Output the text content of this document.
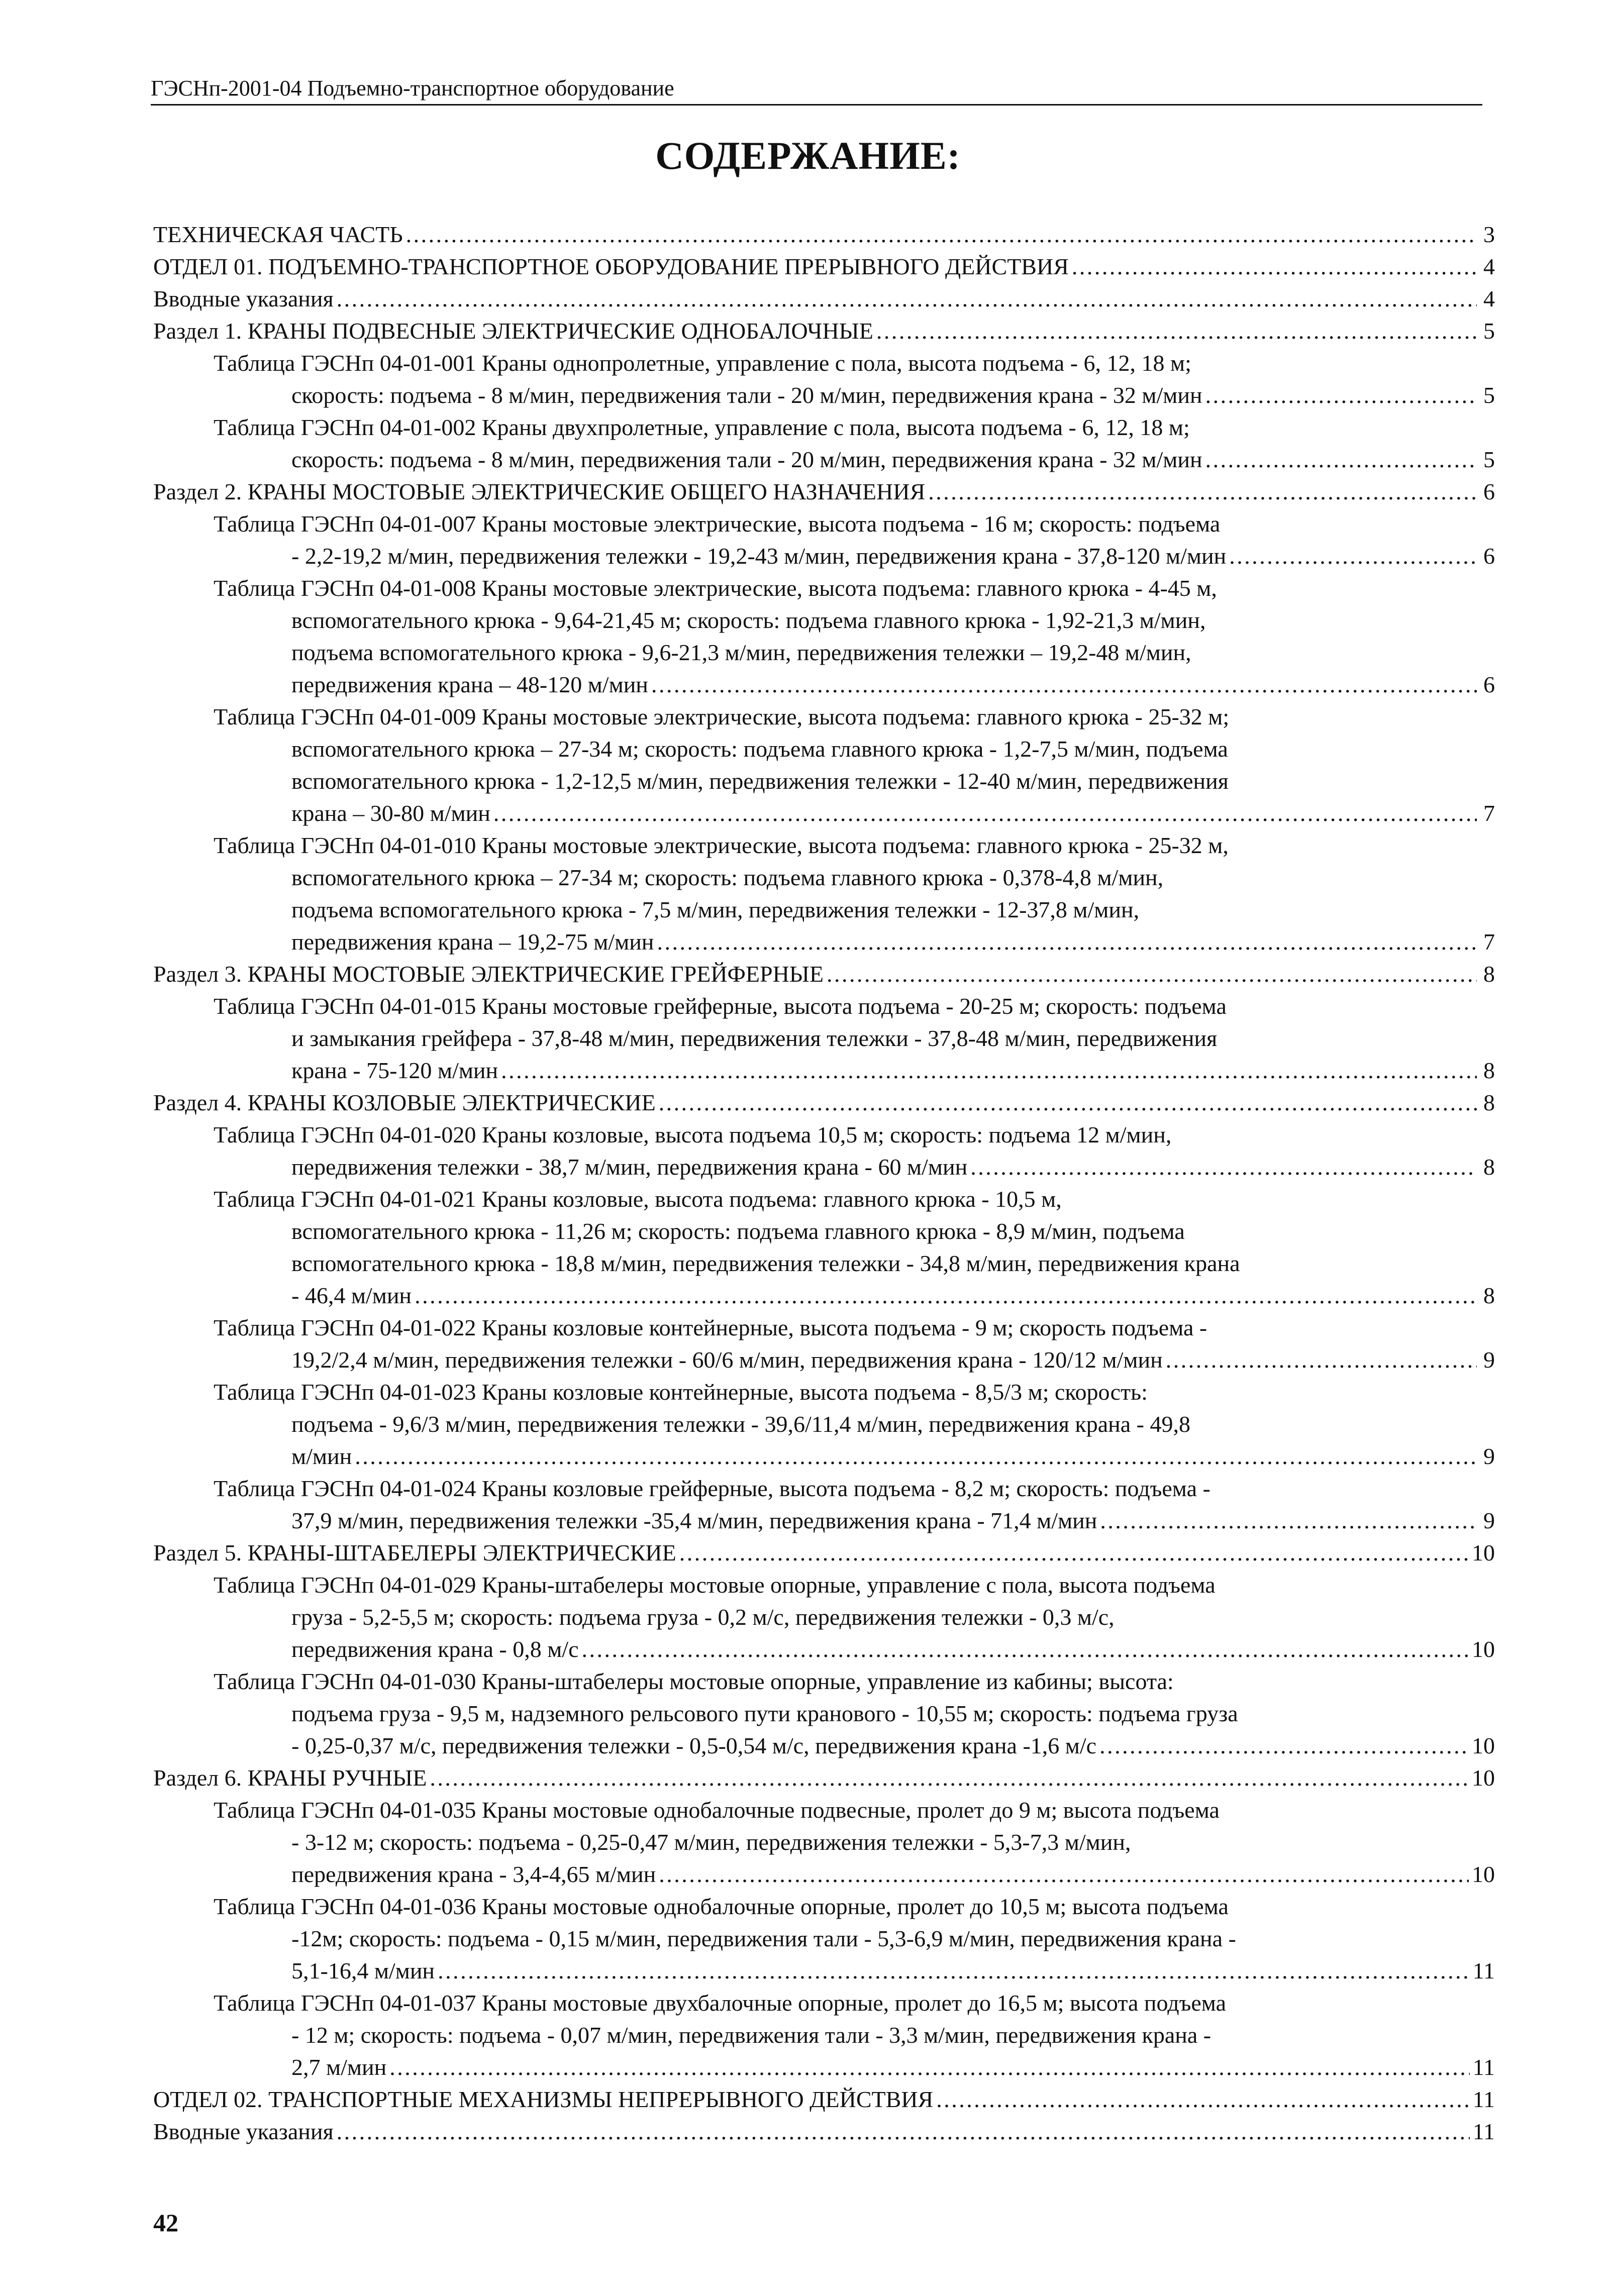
ГЭСНп-2001-04 Подъемно-транспортное оборудование
СОДЕРЖАНИЕ:
ТЕХНИЧЕСКАЯ ЧАСТЬ . . .	3
ОТДЕЛ 01. ПОДЪЕМНО-ТРАНСПОРТНОЕ ОБОРУДОВАНИЕ ПРЕРЫВНОГО ДЕЙСТВИЯ . . .	4
Вводные указания . . .	4
Раздел 1. КРАНЫ ПОДВЕСНЫЕ ЭЛЕКТРИЧЕСКИЕ ОДНОБАЛОЧНЫЕ . . .	5
Таблица ГЭСНп 04-01-001 Краны однопролетные, управление с пола, высота подъема - 6, 12, 18 м;
скорость: подъема - 8 м/мин, передвижения тали - 20 м/мин, передвижения крана - 32 м/мин . . .	5
Таблица ГЭСНп 04-01-002 Краны двухпролетные, управление с пола, высота подъема - 6, 12, 18 м;
скорость: подъема - 8 м/мин, передвижения тали - 20 м/мин, передвижения крана - 32 м/мин . . .	5
Раздел 2. КРАНЫ МОСТОВЫЕ ЭЛЕКТРИЧЕСКИЕ ОБЩЕГО НАЗНАЧЕНИЯ . . .	6
Таблица ГЭСНп 04-01-007 Краны мостовые электрические, высота подъема - 16 м; скорость: подъема
- 2,2-19,2 м/мин, передвижения тележки - 19,2-43 м/мин, передвижения крана - 37,8-120 м/мин . . .	6
Таблица ГЭСНп 04-01-008 Краны мостовые электрические, высота подъема: главного крюка - 4-45 м,
вспомогательного крюка - 9,64-21,45 м; скорость: подъема главного крюка - 1,92-21,3 м/мин,
подъема вспомогательного крюка - 9,6-21,3 м/мин, передвижения тележки – 19,2-48 м/мин,
передвижения крана – 48-120 м/мин . . .	6
Таблица ГЭСНп 04-01-009 Краны мостовые электрические, высота подъема: главного крюка - 25-32 м;
вспомогательного крюка – 27-34 м; скорость: подъема главного крюка - 1,2-7,5 м/мин, подъема
вспомогательного крюка - 1,2-12,5 м/мин, передвижения тележки - 12-40 м/мин, передвижения
крана – 30-80 м/мин . . .	7
Таблица ГЭСНп 04-01-010 Краны мостовые электрические, высота подъема: главного крюка - 25-32 м,
вспомогательного крюка – 27-34 м; скорость: подъема главного крюка - 0,378-4,8 м/мин,
подъема вспомогательного крюка - 7,5 м/мин, передвижения тележки - 12-37,8 м/мин,
передвижения крана – 19,2-75 м/мин . . .	7
Раздел 3. КРАНЫ МОСТОВЫЕ ЭЛЕКТРИЧЕСКИЕ ГРЕЙФЕРНЫЕ . . .	8
Таблица ГЭСНп 04-01-015 Краны мостовые грейферные, высота подъема - 20-25 м; скорость: подъема
и замыкания грейфера - 37,8-48 м/мин, передвижения тележки - 37,8-48 м/мин, передвижения
крана - 75-120 м/мин . . .	8
Раздел 4. КРАНЫ КОЗЛОВЫЕ ЭЛЕКТРИЧЕСКИЕ . . .	8
Таблица ГЭСНп 04-01-020 Краны козловые, высота подъема 10,5 м; скорость: подъема 12 м/мин,
передвижения тележки - 38,7 м/мин, передвижения крана - 60 м/мин . . .	8
Таблица ГЭСНп 04-01-021 Краны козловые, высота подъема: главного крюка - 10,5 м,
вспомогательного крюка - 11,26 м; скорость: подъема главного крюка - 8,9 м/мин, подъема
вспомогательного крюка - 18,8 м/мин, передвижения тележки - 34,8 м/мин, передвижения крана
- 46,4 м/мин . . .	8
Таблица ГЭСНп 04-01-022 Краны козловые контейнерные, высота подъема - 9 м; скорость подъема -
19,2/2,4 м/мин, передвижения тележки - 60/6 м/мин, передвижения крана - 120/12 м/мин . . .	9
Таблица ГЭСНп 04-01-023 Краны козловые контейнерные, высота подъема - 8,5/3 м; скорость:
подъема - 9,6/3 м/мин, передвижения тележки - 39,6/11,4 м/мин, передвижения крана - 49,8
м/мин . . .	9
Таблица ГЭСНп 04-01-024 Краны козловые грейферные, высота подъема - 8,2 м; скорость: подъема -
37,9 м/мин, передвижения тележки -35,4 м/мин, передвижения крана - 71,4 м/мин . . .	9
Раздел 5. КРАНЫ-ШТАБЕЛЕРЫ ЭЛЕКТРИЧЕСКИЕ . . .	10
Таблица ГЭСНп 04-01-029 Краны-штабелеры мостовые опорные, управление с пола, высота подъема
груза - 5,2-5,5 м; скорость: подъема груза - 0,2 м/с, передвижения тележки - 0,3 м/с,
передвижения крана - 0,8 м/с . . .	10
Таблица ГЭСНп 04-01-030 Краны-штабелеры мостовые опорные, управление из кабины; высота:
подъема груза - 9,5 м, надземного рельсового пути кранового - 10,55 м; скорость: подъема груза
- 0,25-0,37 м/с, передвижения тележки - 0,5-0,54 м/с, передвижения крана -1,6 м/с . . .	10
Раздел 6. КРАНЫ РУЧНЫЕ . . .	10
Таблица ГЭСНп 04-01-035 Краны мостовые однобалочные подвесные, пролет до 9 м; высота подъема
- 3-12 м; скорость: подъема - 0,25-0,47 м/мин, передвижения тележки - 5,3-7,3 м/мин,
передвижения крана - 3,4-4,65 м/мин . . .	10
Таблица ГЭСНп 04-01-036 Краны мостовые однобалочные опорные, пролет до 10,5 м; высота подъема
-12м; скорость: подъема - 0,15 м/мин, передвижения тали - 5,3-6,9 м/мин, передвижения крана -
5,1-16,4 м/мин . . .	11
Таблица ГЭСНп 04-01-037 Краны мостовые двухбалочные опорные, пролет до 16,5 м; высота подъема
- 12 м; скорость: подъема - 0,07 м/мин, передвижения тали - 3,3 м/мин, передвижения крана -
2,7 м/мин . . .	11
ОТДЕЛ 02. ТРАНСПОРТНЫЕ МЕХАНИЗМЫ НЕПРЕРЫВНОГО ДЕЙСТВИЯ . . .	11
Вводные указания . . .	11
42
